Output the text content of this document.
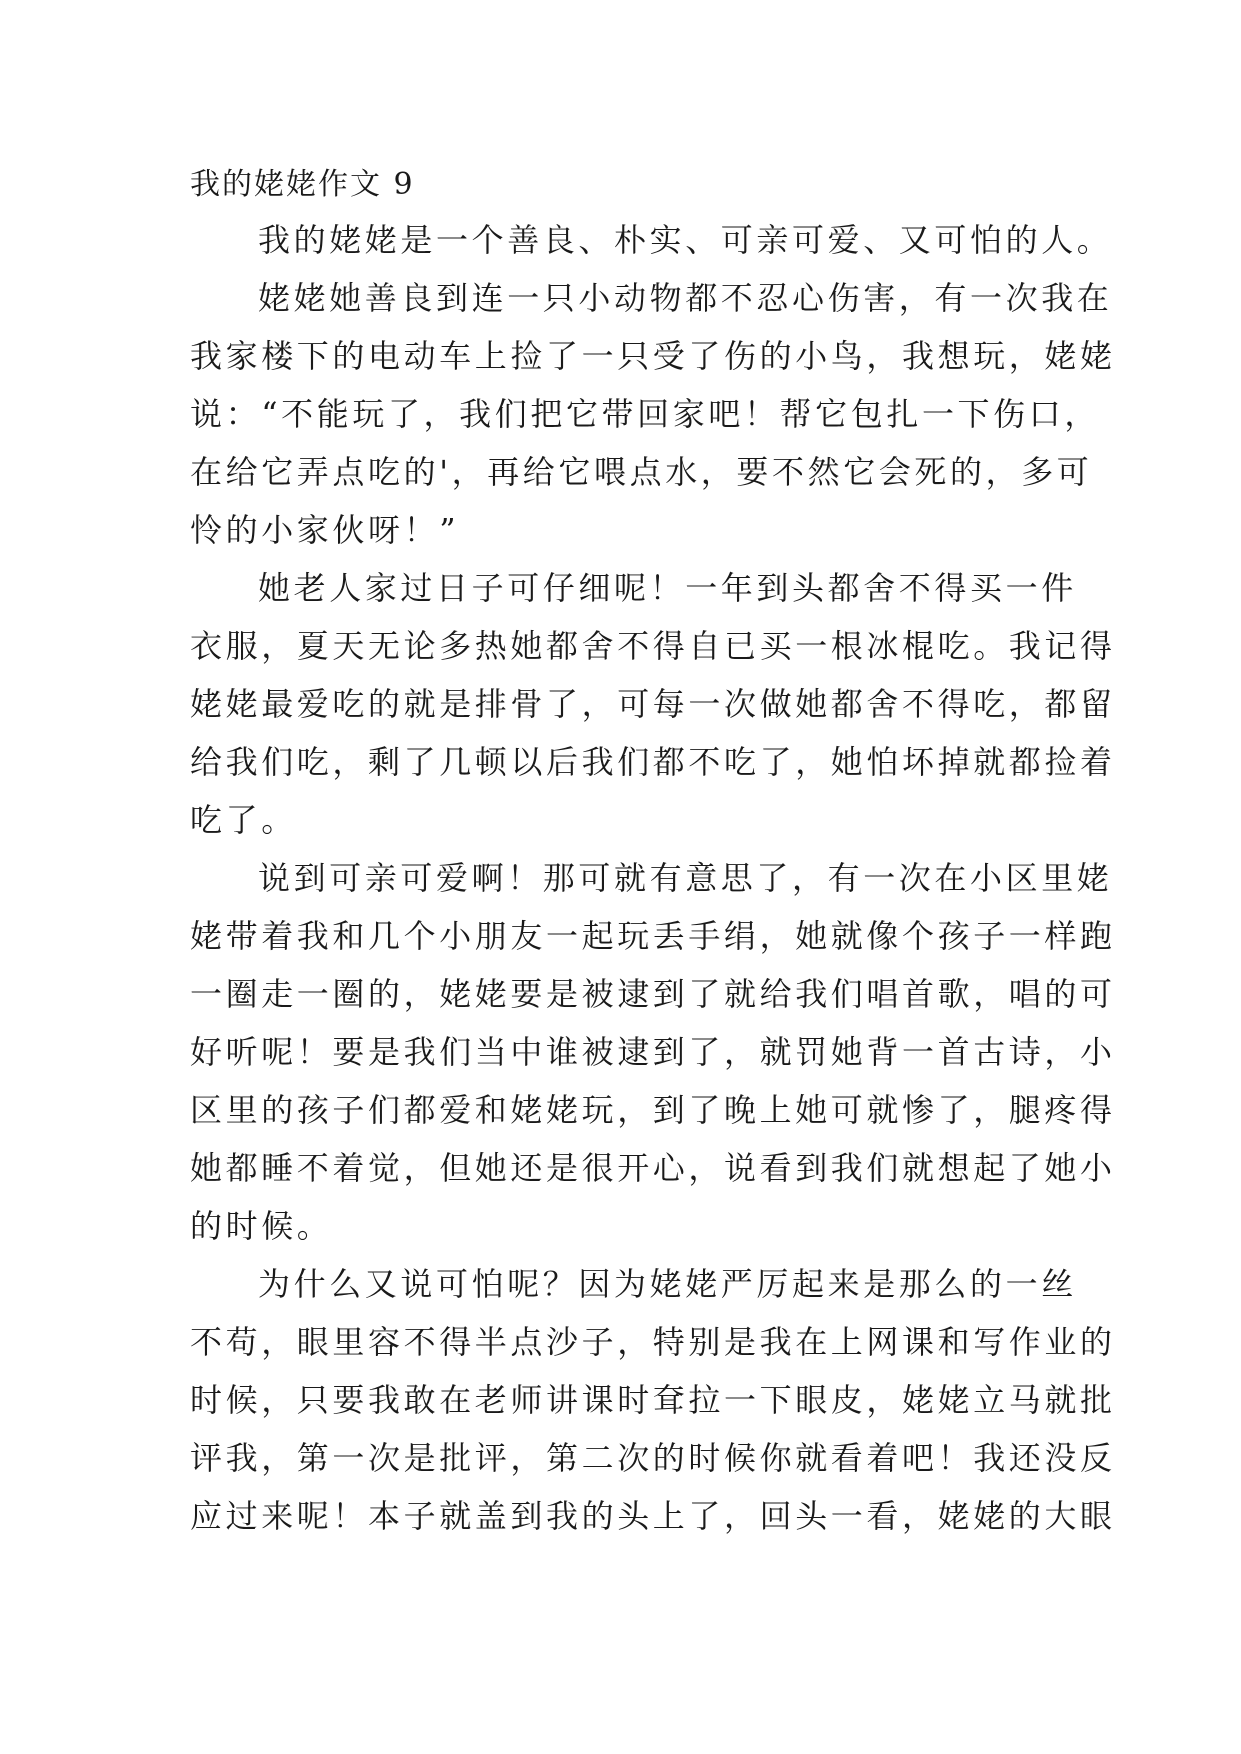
我的姥姥作文 9
我的姥姥是一个善良、朴实、可亲可爱、又可怕的人。
姥姥她善良到连一只小动物都不忍心伤害，有一次我在
我家楼下的电动车上捡了一只受了伤的小鸟，我想玩，姥姥
说：“不能玩了，我们把它带回家吧！帮它包扎一下伤口，
在给它弄点吃的'，再给它喂点水，要不然它会死的，多可
怜的小家伙呀！”
她老人家过日子可仔细呢！一年到头都舍不得买一件
衣服，夏天无论多热她都舍不得自已买一根冰棍吃。我记得
姥姥最爱吃的就是排骨了，可每一次做她都舍不得吃，都留
给我们吃，剩了几顿以后我们都不吃了，她怕坏掉就都捡着
吃了。
说到可亲可爱啊！那可就有意思了，有一次在小区里姥
姥带着我和几个小朋友一起玩丢手绢，她就像个孩子一样跑
一圈走一圈的，姥姥要是被逮到了就给我们唱首歌，唱的可
好听呢！要是我们当中谁被逮到了，就罚她背一首古诗，小
区里的孩子们都爱和姥姥玩，到了晚上她可就惨了，腿疼得
她都睡不着觉，但她还是很开心，说看到我们就想起了她小
的时候。
为什么又说可怕呢？因为姥姥严厉起来是那么的一丝
不苟，眼里容不得半点沙子，特别是我在上网课和写作业的
时候，只要我敢在老师讲课时耷拉一下眼皮，姥姥立马就批
评我，第一次是批评，第二次的时候你就看着吧！我还没反
应过来呢！本子就盖到我的头上了，回头一看，姥姥的大眼
